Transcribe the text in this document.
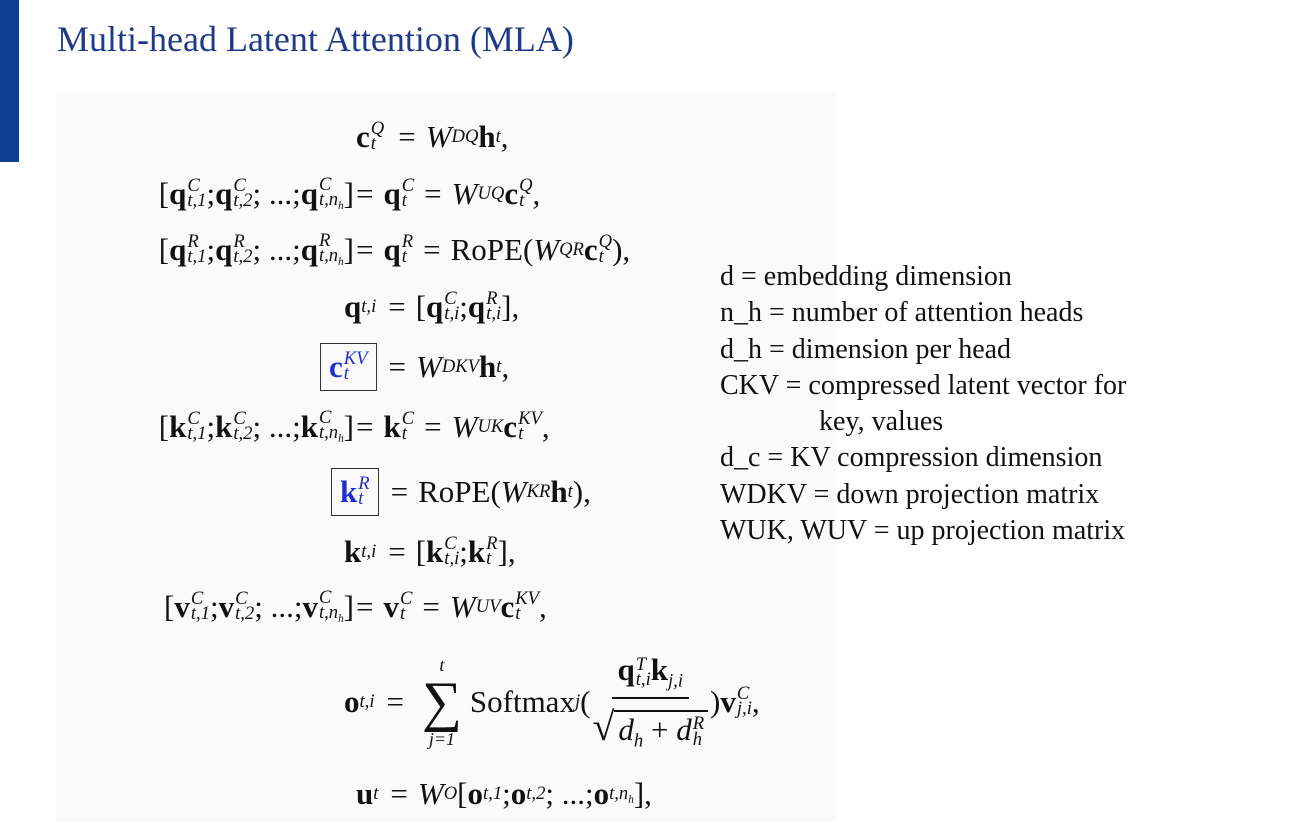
Multi-head Latent Attention (MLA)
c Q
t = W DQ h t ,
[ q C
t,1 ; q C
t,2 ; ...; q C
$t,n_h$ ] = q C
t = W UQ c Q
t ,
[ q R
t,1 ; q R
t,2 ; ...; q R
$t,n_h$ ] = q R
t = RoPE ( W QR c Q
t ),
q t,i = [ q C
t,i ; q R
t,i ],
c KV
t	= W DKV h t ,
[ k C
t,1 ; k C
t,2 ; ...; k C
$t,n_h$ ] = k C
t = W UK c KV
t ,
k R
t = RoPE ( W KR h t ),
k t,i = [ k C
t,i ; k R
t ],
[ v C
t,1 ; v C
t,2 ; ...; v C
$t,n_h$ ] = v C
t = W UV c KV
t ,
o t,i =
t
∑
j=1
Softmax j ( q T
t,i $k_{j,i}$
√ $d_h + d$ R
h ) v C
j,i ,
u t = W O [ o t,1 ; o t,2 ; ...; o $t,n_h$ ],
d = embedding dimension
n_h = number of attention heads
d_h = dimension per head
CKV = compressed latent vector for
key, values
d_c = KV compression dimension
WDKV = down projection matrix
WUK, WUV = up projection matrix
